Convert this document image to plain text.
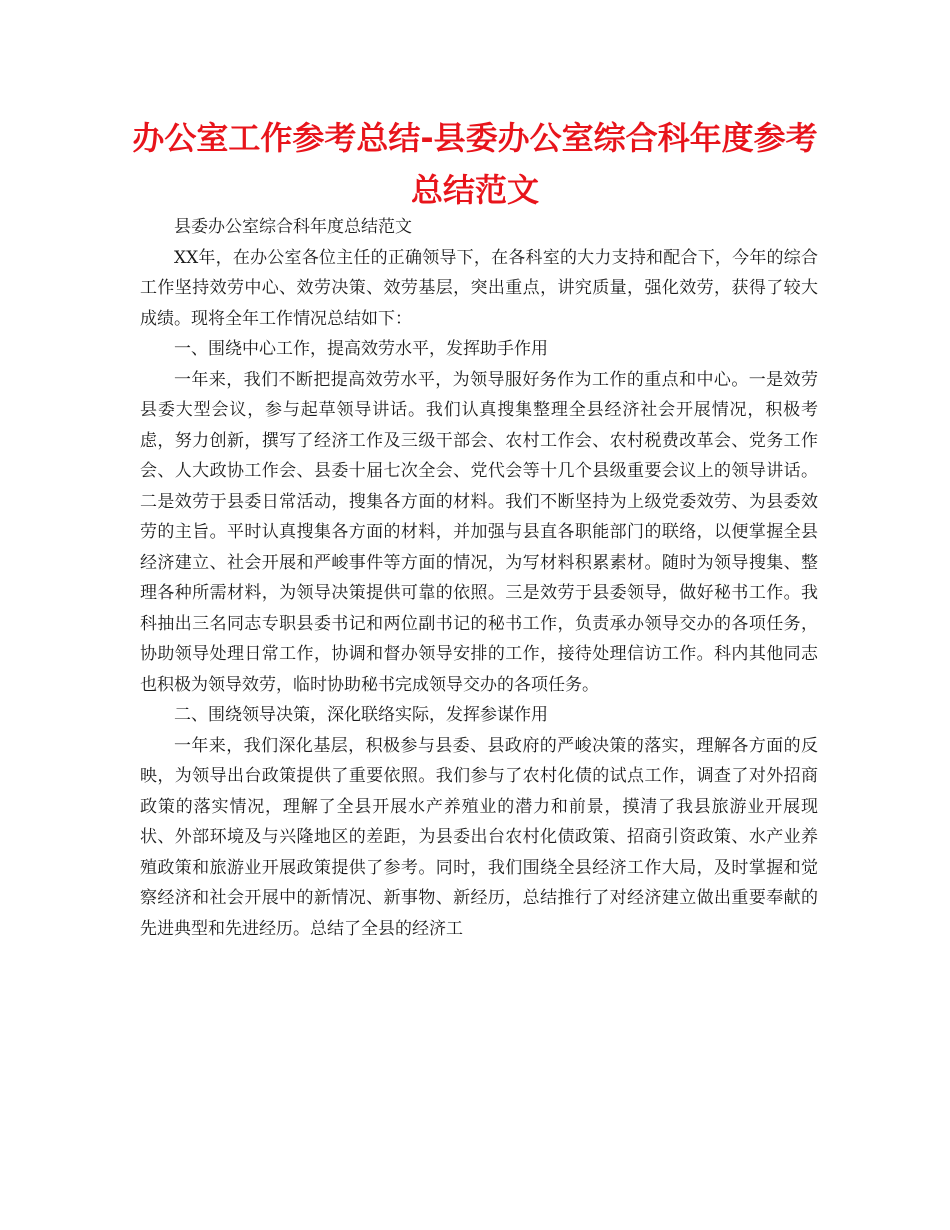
办公室工作参考总结-县委办公室综合科年度参考
总结范文

县委办公室综合科年度总结范文

XX年，在办公室各位主任的正确领导下，在各科室的大力支持和配合下，今年的综合工作坚持效劳中心、效劳决策、效劳基层，突出重点，讲究质量，强化效劳，获得了较大成绩。现将全年工作情况总结如下：

一、围绕中心工作，提高效劳水平，发挥助手作用

一年来，我们不断把提高效劳水平，为领导服好务作为工作的重点和中心。一是效劳县委大型会议，参与起草领导讲话。我们认真搜集整理全县经济社会开展情况，积极考虑，努力创新，撰写了经济工作及三级干部会、农村工作会、农村税费改革会、党务工作会、人大政协工作会、县委十届七次全会、党代会等十几个县级重要会议上的领导讲话。二是效劳于县委日常活动，搜集各方面的材料。我们不断坚持为上级党委效劳、为县委效劳的主旨。平时认真搜集各方面的材料，并加强与县直各职能部门的联络，以便掌握全县经济建立、社会开展和严峻事件等方面的情况，为写材料积累素材。随时为领导搜集、整理各种所需材料，为领导决策提供可靠的依照。三是效劳于县委领导，做好秘书工作。我科抽出三名同志专职县委书记和两位副书记的秘书工作，负责承办领导交办的各项任务，协助领导处理日常工作，协调和督办领导安排的工作，接待处理信访工作。科内其他同志也积极为领导效劳，临时协助秘书完成领导交办的各项任务。

二、围绕领导决策，深化联络实际，发挥参谋作用

一年来，我们深化基层，积极参与县委、县政府的严峻决策的落实，理解各方面的反映，为领导出台政策提供了重要依照。我们参与了农村化债的试点工作，调查了对外招商政策的落实情况，理解了全县开展水产养殖业的潜力和前景，摸清了我县旅游业开展现状、外部环境及与兴隆地区的差距，为县委出台农村化债政策、招商引资政策、水产业养殖政策和旅游业开展政策提供了参考。同时，我们围绕全县经济工作大局，及时掌握和觉察经济和社会开展中的新情况、新事物、新经历，总结推行了对经济建立做出重要奉献的先进典型和先进经历。总结了全县的经济工
